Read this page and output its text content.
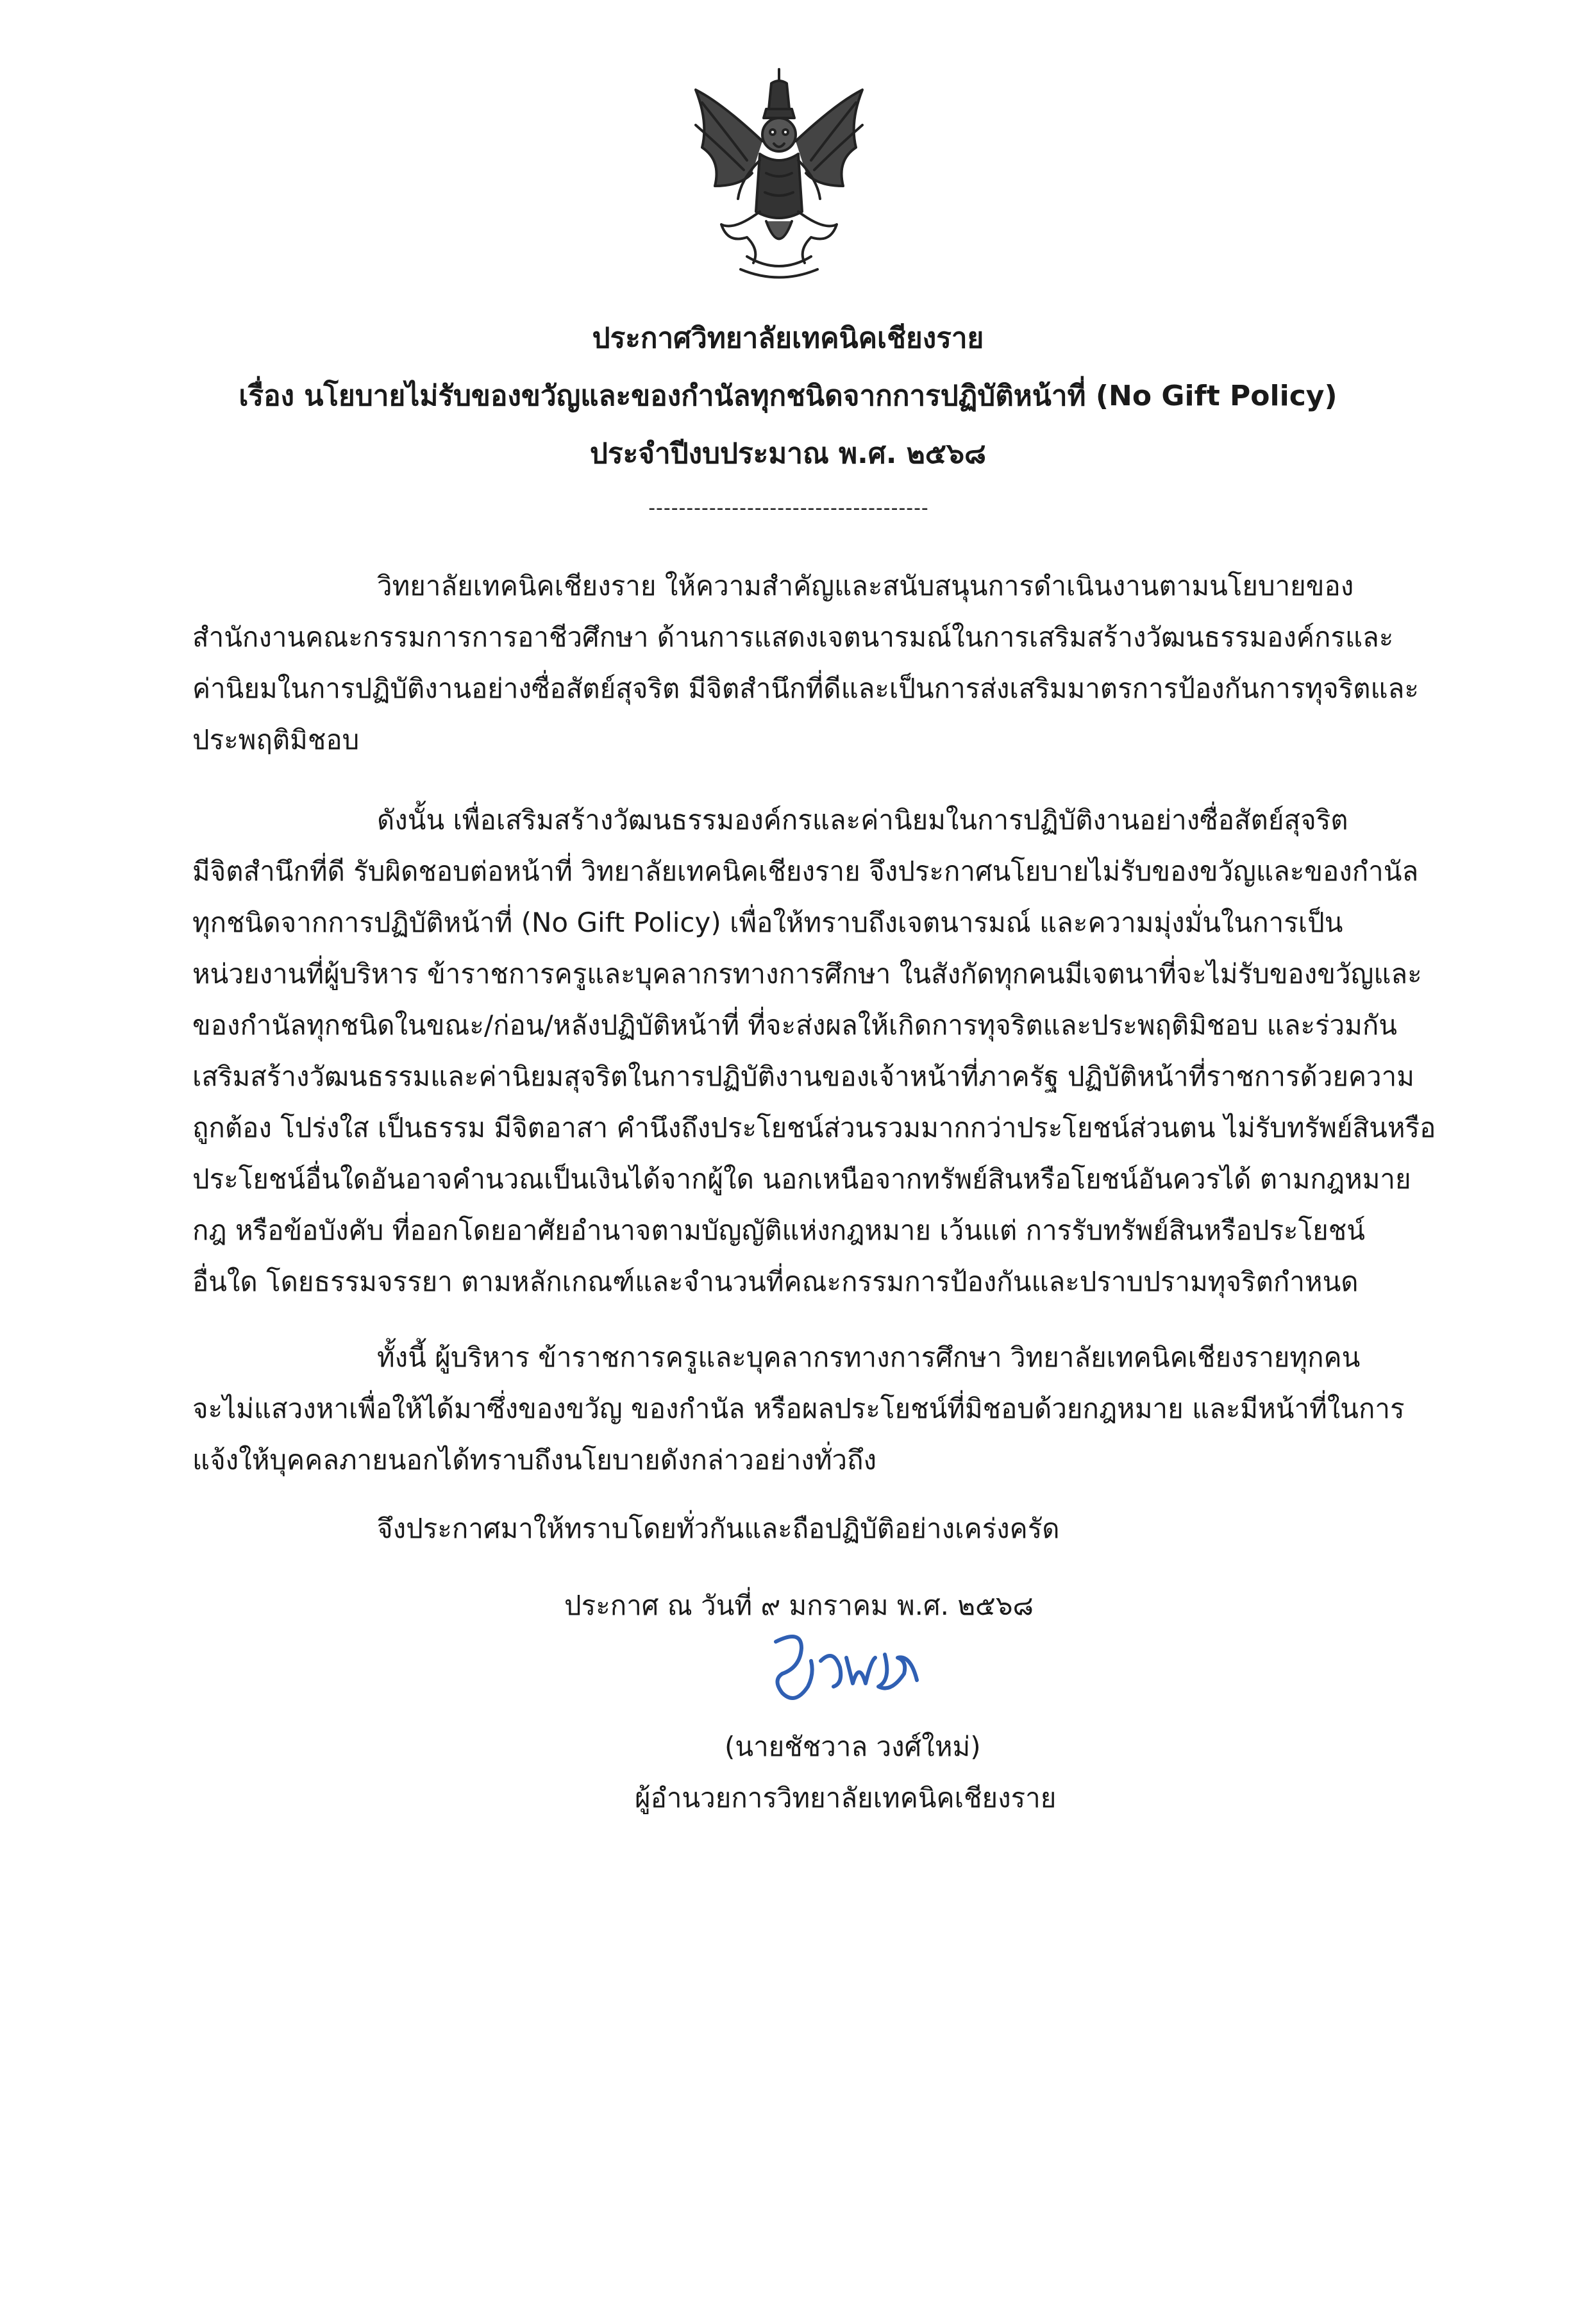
ประกาศวิทยาลัยเทคนิคเชียงราย
เรื่อง นโยบายไม่รับของขวัญและของกำนัลทุกชนิดจากการปฏิบัติหน้าที่ (No Gift Policy)
ประจำปีงบประมาณ พ.ศ. ๒๕๖๘
-------------------------------------
วิทยาลัยเทคนิคเชียงราย ให้ความสำคัญและสนับสนุนการดำเนินงานตามนโยบายของ
สำนักงานคณะกรรมการการอาชีวศึกษา ด้านการแสดงเจตนารมณ์ในการเสริมสร้างวัฒนธรรมองค์กรและ
ค่านิยมในการปฏิบัติงานอย่างซื่อสัตย์สุจริต มีจิตสำนึกที่ดีและเป็นการส่งเสริมมาตรการป้องกันการทุจริตและ
ประพฤติมิชอบ
ดังนั้น เพื่อเสริมสร้างวัฒนธรรมองค์กรและค่านิยมในการปฏิบัติงานอย่างซื่อสัตย์สุจริต
มีจิตสำนึกที่ดี รับผิดชอบต่อหน้าที่ วิทยาลัยเทคนิคเชียงราย จึงประกาศนโยบายไม่รับของขวัญและของกำนัล
ทุกชนิดจากการปฏิบัติหน้าที่ (No Gift Policy) เพื่อให้ทราบถึงเจตนารมณ์ และความมุ่งมั่นในการเป็น
หน่วยงานที่ผู้บริหาร ข้าราชการครูและบุคลากรทางการศึกษา ในสังกัดทุกคนมีเจตนาที่จะไม่รับของขวัญและ
ของกำนัลทุกชนิดในขณะ/ก่อน/หลังปฏิบัติหน้าที่ ที่จะส่งผลให้เกิดการทุจริตและประพฤติมิชอบ และร่วมกัน
เสริมสร้างวัฒนธรรมและค่านิยมสุจริตในการปฏิบัติงานของเจ้าหน้าที่ภาครัฐ ปฏิบัติหน้าที่ราชการด้วยความ
ถูกต้อง โปร่งใส เป็นธรรม มีจิตอาสา คำนึงถึงประโยชน์ส่วนรวมมากกว่าประโยชน์ส่วนตน ไม่รับทรัพย์สินหรือ
ประโยชน์อื่นใดอันอาจคำนวณเป็นเงินได้จากผู้ใด นอกเหนือจากทรัพย์สินหรือโยชน์อันควรได้ ตามกฎหมาย
กฎ หรือข้อบังคับ ที่ออกโดยอาศัยอำนาจตามบัญญัติแห่งกฎหมาย เว้นแต่ การรับทรัพย์สินหรือประโยชน์
อื่นใด โดยธรรมจรรยา ตามหลักเกณฑ์และจำนวนที่คณะกรรมการป้องกันและปราบปรามทุจริตกำหนด
ทั้งนี้ ผู้บริหาร ข้าราชการครูและบุคลากรทางการศึกษา วิทยาลัยเทคนิคเชียงรายทุกคน
จะไม่แสวงหาเพื่อให้ได้มาซึ่งของขวัญ ของกำนัล หรือผลประโยชน์ที่มิชอบด้วยกฎหมาย และมีหน้าที่ในการ
แจ้งให้บุคคลภายนอกได้ทราบถึงนโยบายดังกล่าวอย่างทั่วถึง
จึงประกาศมาให้ทราบโดยทั่วกันและถือปฏิบัติอย่างเคร่งครัด
ประกาศ ณ วันที่ ๙ มกราคม พ.ศ. ๒๕๖๘
(นายชัชวาล วงศ์ใหม่)
ผู้อำนวยการวิทยาลัยเทคนิคเชียงราย
